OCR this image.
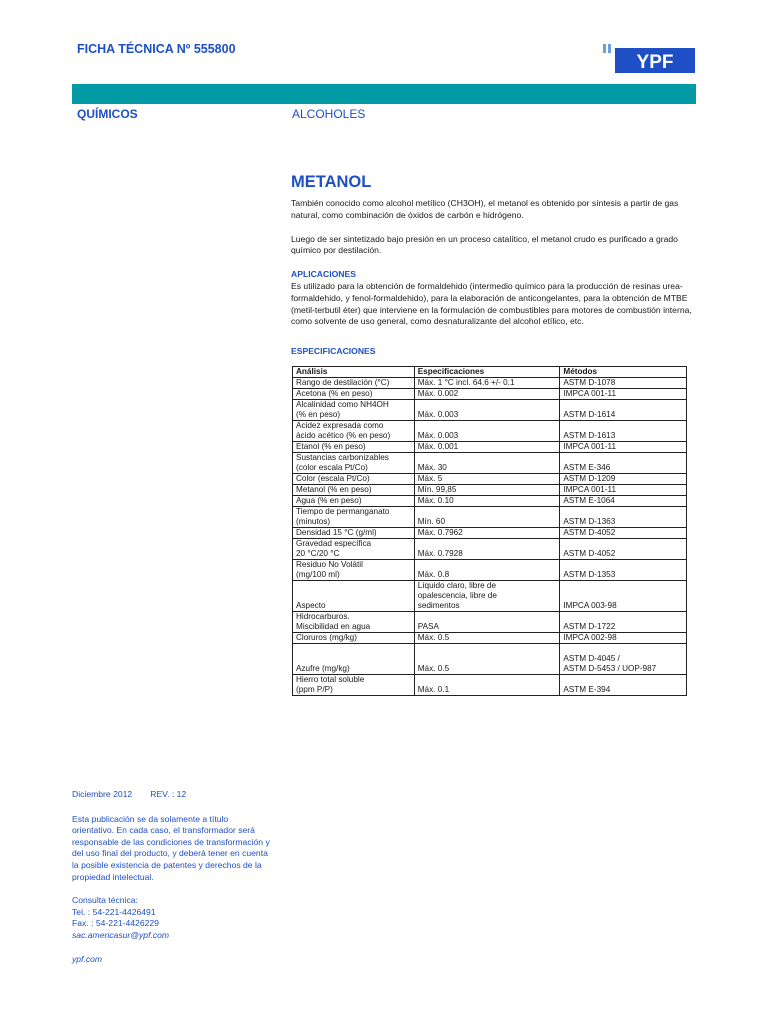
FICHA TÉCNICA Nº 555800
YPF
QUÍMICOS	ALCOHOLES
METANOL

También conocido como alcohol metílico (CH3OH), el metanol es obtenido por síntesis a partir de gas natural, como combinación de óxidos de carbón e hidrógeno.

Luego de ser sintetizado bajo presión en un proceso catalítico, el metanol crudo es purificado a grado químico por destilación.

APLICACIONES

Es utilizado para la obtención de formaldehido (intermedio químico para la producción de resinas urea-formaldehido, y fenol-formaldehido), para la elaboración de anticongelantes, para la obtención de MTBE (metil-terbutil éter) que interviene en la formulación de combustibles para motores de combustión interna, como solvente de uso general, como desnaturalizante del alcohol etílico, etc.

ESPECIFICACIONES
Análisis	Especificaciones	Métodos
Rango de destilación (°C)	Máx. 1 °C incl. 64.6 +/- 0.1	ASTM D-1078
Acetona (% en peso)	Máx. 0.002	IMPCA 001-11
Alcalinidad como NH4OH
(% en peso)	Máx. 0.003	ASTM D-1614
Acidez expresada como
ácido acético (% en peso)	Máx. 0.003	ASTM D-1613
Etanol (% en peso)	Máx. 0.001	IMPCA 001-11
Sustancias carbonizables
(color escala Pt/Co)	Máx. 30	ASTM E-346
Color (escala Pt/Co)	Máx. 5	ASTM D-1209
Metanol (% en peso)	Mín. 99,85	IMPCA 001-11
Agua (% en peso)	Máx. 0.10	ASTM E-1064
Tiempo de permanganato
(minutos)	Mín. 60	ASTM D-1363
Densidad 15 °C (g/ml)	Máx. 0.7962	ASTM D-4052
Gravedad específica
20 °C/20 °C	Máx. 0.7928	ASTM D-4052
Residuo No Volátil
(mg/100 ml)	Máx. 0.8	ASTM D-1353
Aspecto	Líquido claro, libre de
opalescencia, libre de
sedimentos	IMPCA 003-98
Hidrocarburos.
Miscibilidad en agua	PASA	ASTM D-1722
Cloruros (mg/kg)	Máx. 0.5	IMPCA 002-98

Azufre (mg/kg)	Máx. 0.5	ASTM D-4045 /
ASTM D-5453 / UOP-987
Hierro total soluble
(ppm P/P)	Máx. 0.1	ASTM E-394

Diciembre 2012 REV. : 12

Esta publicación se da solamente a título orientativo. En cada caso, el transformador será responsable de las condiciones de transformación y del uso final del producto, y deberá tener en cuenta la posible existencia de patentes y derechos de la propiedad intelectual.

Consulta técnica:

Tel. : 54-221-4426491

Fax. : 54-221-4426229

sac.americasur@ypf.com

ypf.com
